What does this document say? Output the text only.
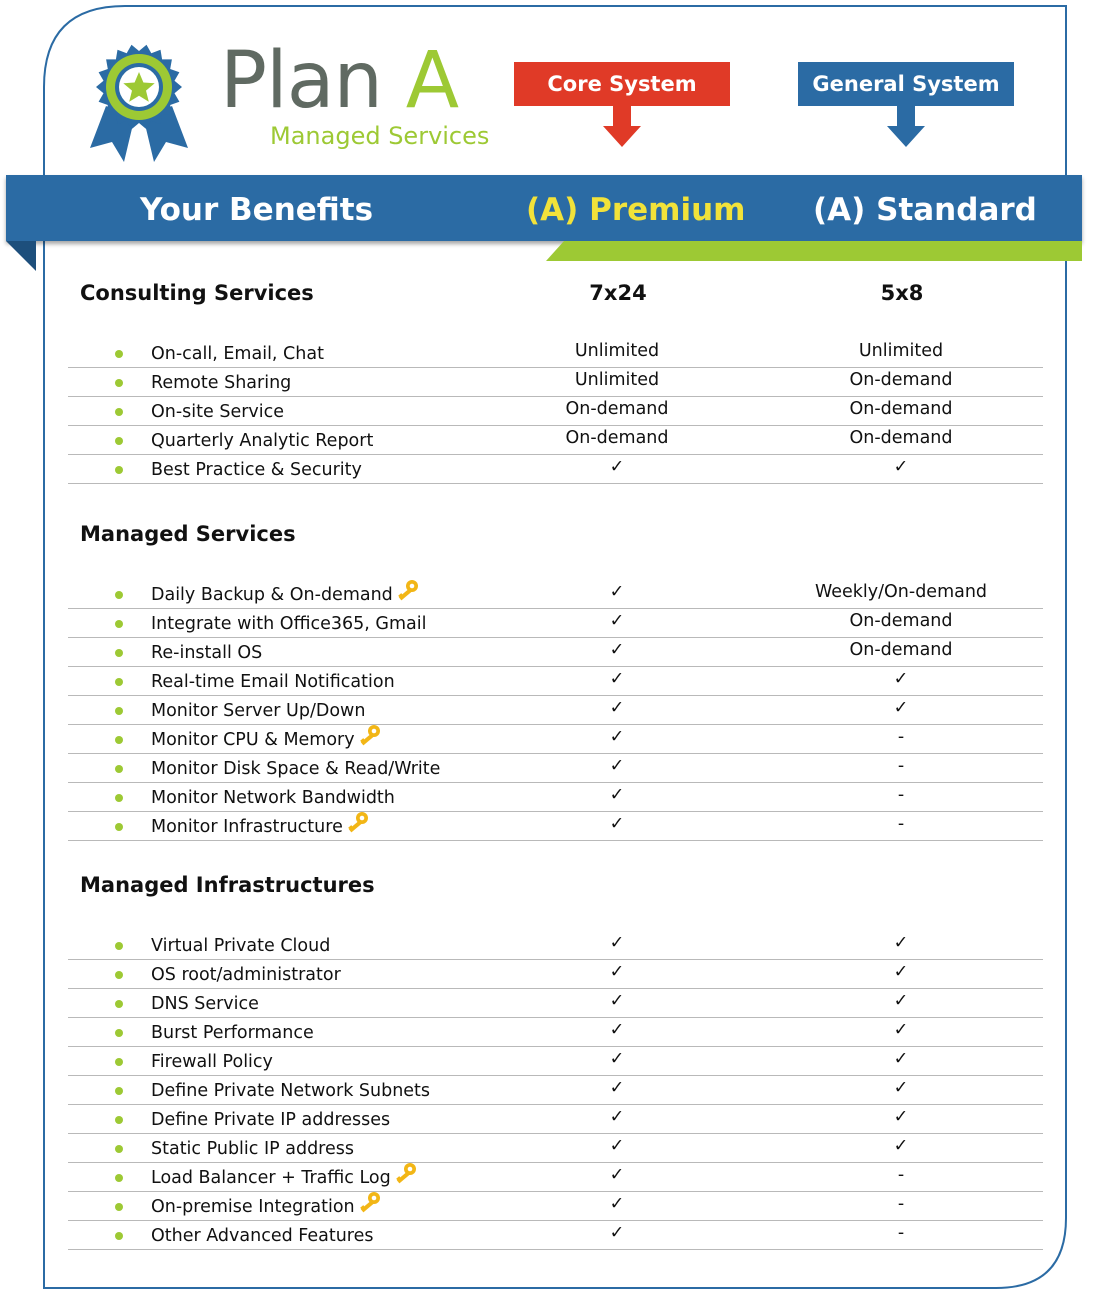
Plan A
Managed Services
Core System	General System
Your Benefits	(A) Premium (A) Standard
Consulting Services	7x24	5x8
On-call, Email, Chat	Unlimited	Unlimited
Remote Sharing	Unlimited	On-demand
On-site Service	On-demand	On-demand
Quarterly Analytic Report	On-demand	On-demand
Best Practice & Security	✓	✓
Managed Services
Daily Backup & On-demand	✓	Weekly/On-demand
Integrate with Office365, Gmail	✓	On-demand
Re-install OS	✓	On-demand
Real-time Email Notification	✓	✓
Monitor Server Up/Down	✓	✓
Monitor CPU & Memory	✓	-
Monitor Disk Space & Read/Write	✓	-
Monitor Network Bandwidth	✓	-
Monitor Infrastructure	✓	-
Managed Infrastructures
Virtual Private Cloud	✓	✓
OS root/administrator	✓	✓
DNS Service	✓	✓
Burst Performance	✓	✓
Firewall Policy	✓	✓
Define Private Network Subnets	✓	✓
Define Private IP addresses	✓	✓
Static Public IP address	✓	✓
Load Balancer + Traffic Log	✓	-
On-premise Integration	✓	-
Other Advanced Features	✓	-
